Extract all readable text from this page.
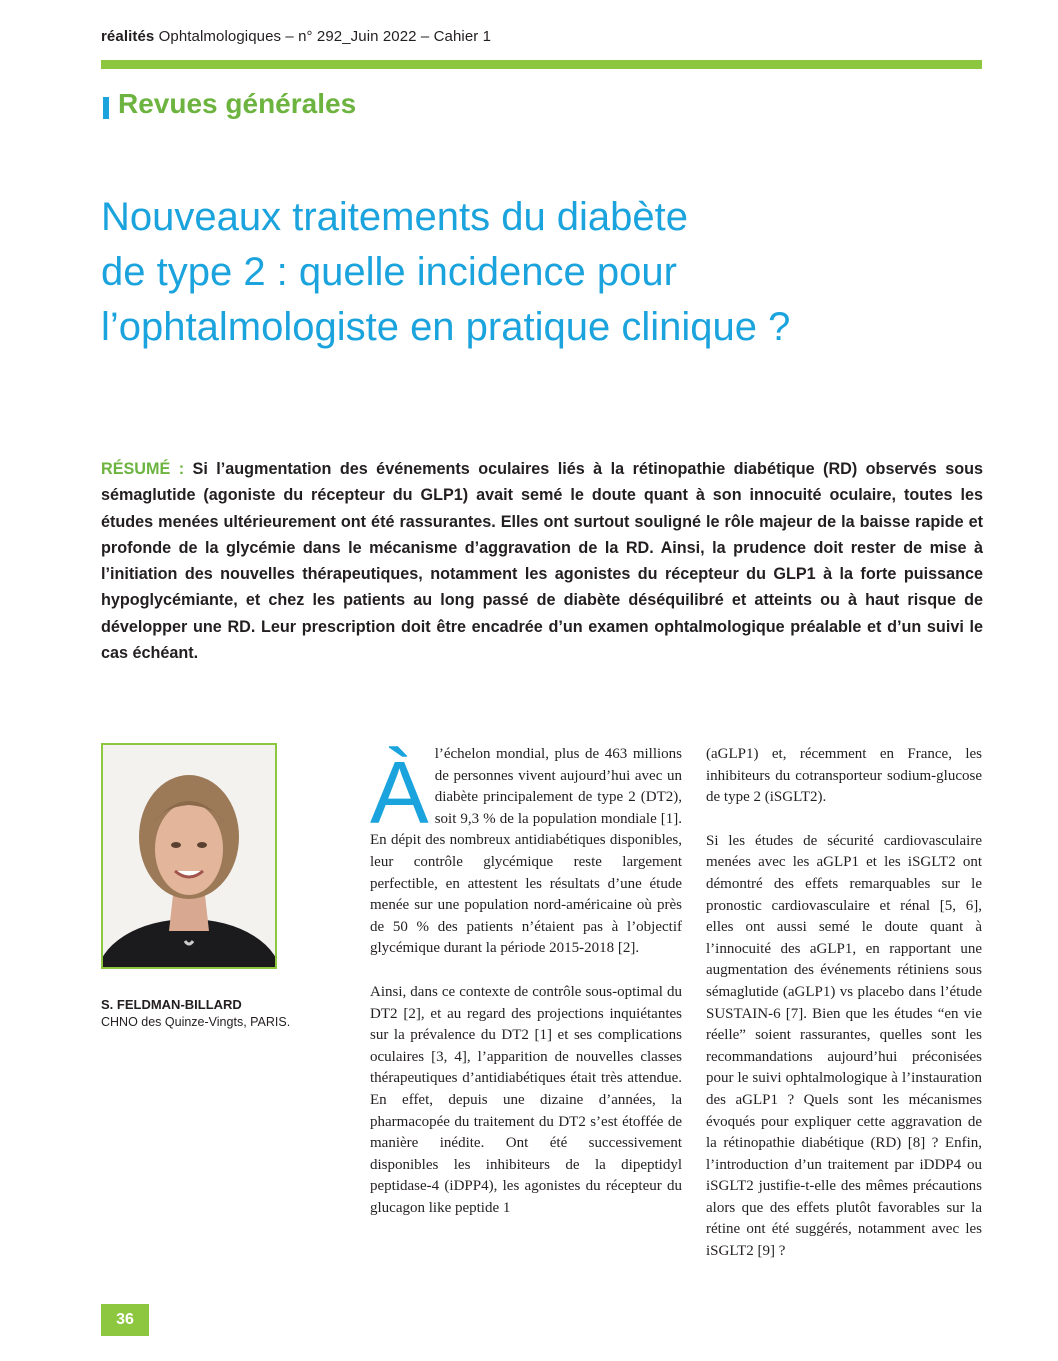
réalités Ophtalmologiques – n° 292_Juin 2022 – Cahier 1
Revues générales
Nouveaux traitements du diabète
de type 2 : quelle incidence pour
l’ophtalmologiste en pratique clinique ?
RÉSUMÉ : Si l’augmentation des événements oculaires liés à la rétinopathie diabétique (RD) observés sous sémaglutide (agoniste du récepteur du GLP1) avait semé le doute quant à son innocuité oculaire, toutes les études menées ultérieurement ont été rassurantes. Elles ont surtout souligné le rôle majeur de la baisse rapide et profonde de la glycémie dans le mécanisme d’aggravation de la RD. Ainsi, la prudence doit rester de mise à l’initiation des nouvelles thérapeutiques, notamment les agonistes du récepteur du GLP1 à la forte puissance hypoglycémiante, et chez les patients au long passé de diabète déséquilibré et atteints ou à haut risque de développer une RD. Leur prescription doit être encadrée d’un examen ophtalmologique préalable et d’un suivi le cas échéant.
S. FELDMAN-BILLARD
CHNO des Quinze-Vingts, PARIS.

Àl’échelon mondial, plus de 463 millions de personnes vivent aujourd’hui avec un diabète principalement de type 2 (DT2), soit 9,3 % de la population mondiale [1]. En dépit des nombreux antidiabétiques disponibles, leur contrôle glycémique reste largement perfectible, en attestent les résultats d’une étude menée sur une population nord-américaine où près de 50 % des patients n’étaient pas à l’objectif glycémique durant la période 2015-2018 [2].

Ainsi, dans ce contexte de contrôle sous-optimal du DT2 [2], et au regard des projections inquiétantes sur la prévalence du DT2 [1] et ses complications oculaires [3, 4], l’apparition de nouvelles classes thérapeutiques d’antidiabétiques était très attendue. En effet, depuis une dizaine d’années, la pharmacopée du traitement du DT2 s’est étoffée de manière inédite. Ont été successivement disponibles les inhibiteurs de la dipeptidyl peptidase-4 (iDPP4), les agonistes du récepteur du glucagon like peptide 1

(aGLP1) et, récemment en France, les inhibiteurs du cotransporteur sodium-glucose de type 2 (iSGLT2).

Si les études de sécurité cardiovasculaire menées avec les aGLP1 et les iSGLT2 ont démontré des effets remarquables sur le pronostic cardiovasculaire et rénal [5, 6], elles ont aussi semé le doute quant à l’innocuité des aGLP1, en rapportant une augmentation des événements rétiniens sous sémaglutide (aGLP1) vs placebo dans l’étude SUSTAIN-6 [7]. Bien que les études “en vie réelle” soient rassurantes, quelles sont les recommandations aujourd’hui préconisées pour le suivi ophtalmologique à l’instauration des aGLP1 ? Quels sont les mécanismes évoqués pour expliquer cette aggravation de la rétinopathie diabétique (RD) [8] ? Enfin, l’introduction d’un traitement par iDDP4 ou iSGLT2 justifie-t-elle des mêmes précautions alors que des effets plutôt favorables sur la rétine ont été suggérés, notamment avec les iSGLT2 [9] ?

36
